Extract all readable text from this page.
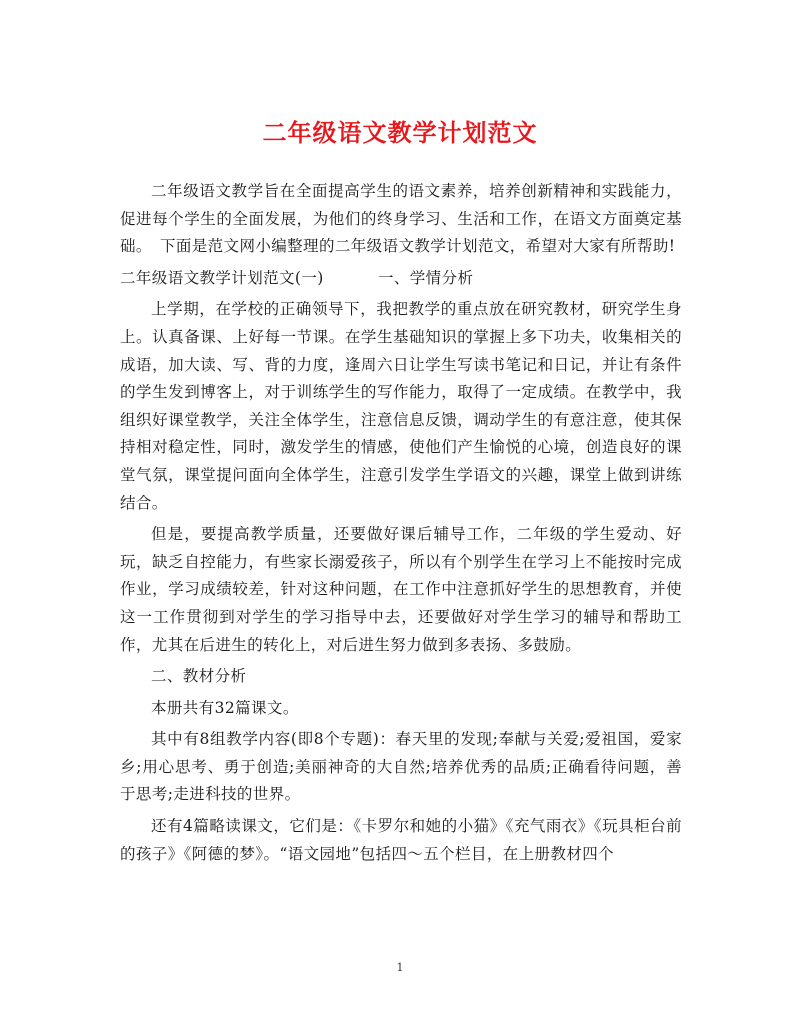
二年级语文教学计划范文

二年级语文教学旨在全面提高学生的语文素养，培养创新精神和实践能力，促进每个学生的全面发展，为他们的终身学习、生活和工作，在语文方面奠定基础。　下面是范文网小编整理的二年级语文教学计划范文，希望对大家有所帮助!

二年级语文教学计划范文(一)	一、学情分析

上学期，在学校的正确领导下，我把教学的重点放在研究教材，研究学生身上。认真备课、上好每一节课。在学生基础知识的掌握上多下功夫，收集相关的成语，加大读、写、背的力度，逢周六日让学生写读书笔记和日记，并让有条件的学生发到博客上，对于训练学生的写作能力，取得了一定成绩。在教学中，我组织好课堂教学，关注全体学生，注意信息反馈，调动学生的有意注意，使其保持相对稳定性，同时，激发学生的情感，使他们产生愉悦的心境，创造良好的课堂气氛，课堂提问面向全体学生，注意引发学生学语文的兴趣，课堂上做到讲练结合。

但是，要提高教学质量，还要做好课后辅导工作，二年级的学生爱动、好玩，缺乏自控能力，有些家长溺爱孩子，所以有个别学生在学习上不能按时完成作业，学习成绩较差，针对这种问题，在工作中注意抓好学生的思想教育，并使这一工作贯彻到对学生的学习指导中去，还要做好对学生学习的辅导和帮助工作，尤其在后进生的转化上，对后进生努力做到多表扬、多鼓励。

二、教材分析

本册共有32篇课文。

其中有8组教学内容(即8个专题)：春天里的发现;奉献与关爱;爱祖国，爱家乡;用心思考、勇于创造;美丽神奇的大自然;培养优秀的品质;正确看待问题，善于思考;走进科技的世界。

还有4篇略读课文，它们是：《卡罗尔和她的小猫》《充气雨衣》《玩具柜台前的孩子》《阿德的梦》。“语文园地”包括四～五个栏目，在上册教材四个

1
